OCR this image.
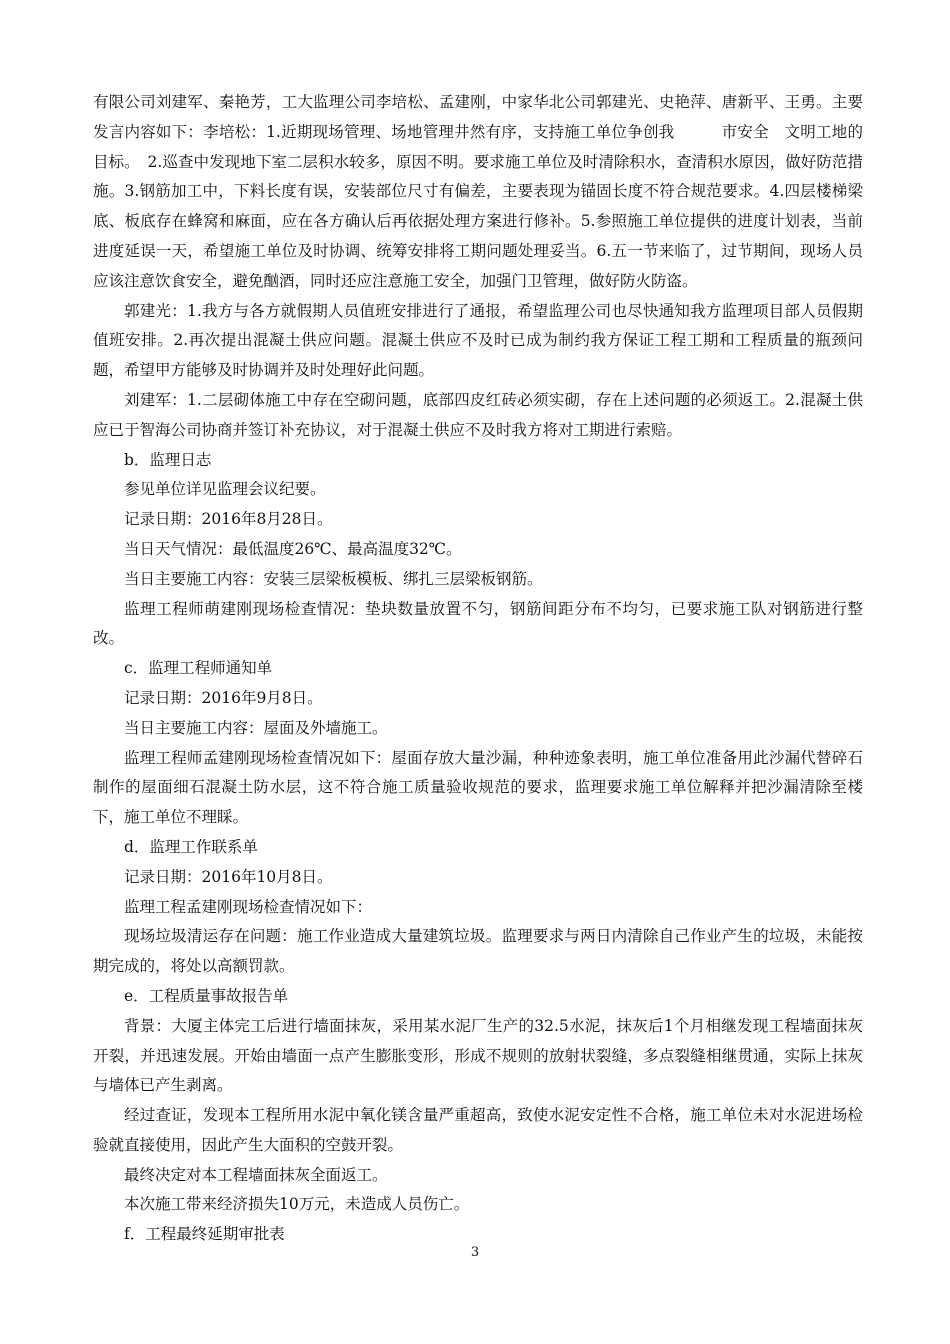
有限公司刘建军、秦艳芳，工大监理公司李培松、孟建刚，中家华北公司郭建光、史艳萍、唐新平、王勇。主要发言内容如下：李培松：1.近期现场管理、场地管理井然有序，支持施工单位争创我　　　市安全　文明工地的目标。　2.巡查中发现地下室二层积水较多，原因不明。要求施工单位及时清除积水，查清积水原因，做好防范措施。3.钢筋加工中，下料长度有误，安装部位尺寸有偏差，主要表现为锚固长度不符合规范要求。4.四层楼梯梁底、板底存在蜂窝和麻面，应在各方确认后再依据处理方案进行修补。5.参照施工单位提供的进度计划表，当前进度延误一天，希望施工单位及时协调、统筹安排将工期问题处理妥当。6.五一节来临了，过节期间，现场人员应该注意饮食安全，避免酗酒，同时还应注意施工安全，加强门卫管理，做好防火防盗。

郭建光：1.我方与各方就假期人员值班安排进行了通报，希望监理公司也尽快通知我方监理项目部人员假期值班安排。2.再次提出混凝土供应问题。混凝土供应不及时已成为制约我方保证工程工期和工程质量的瓶颈问题，希望甲方能够及时协调并及时处理好此问题。

刘建军：1.二层砌体施工中存在空砌问题，底部四皮红砖必须实砌，存在上述问题的必须返工。2.混凝土供应已于智海公司协商并签订补充协议，对于混凝土供应不及时我方将对工期进行索赔。

b．监理日志

参见单位详见监理会议纪要。

记录日期：2016年8月28日。

当日天气情况：最低温度26℃、最高温度32℃。

当日主要施工内容：安装三层梁板模板、绑扎三层梁板钢筋。

监理工程师萌建刚现场检查情况：垫块数量放置不匀，钢筋间距分布不均匀，已要求施工队对钢筋进行整改。

c．监理工程师通知单

记录日期：2016年9月8日。

当日主要施工内容：屋面及外墙施工。

监理工程师孟建刚现场检查情况如下：屋面存放大量沙漏，种种迹象表明，施工单位准备用此沙漏代替碎石制作的屋面细石混凝土防水层，这不符合施工质量验收规范的要求，监理要求施工单位解释并把沙漏清除至楼下，施工单位不理睬。

d．监理工作联系单

记录日期：2016年10月8日。

监理工程孟建刚现场检查情况如下：

现场垃圾清运存在问题：施工作业造成大量建筑垃圾。监理要求与两日内清除自己作业产生的垃圾，未能按期完成的，将处以高额罚款。

e．工程质量事故报告单

背景：大厦主体完工后进行墙面抹灰，采用某水泥厂生产的32.5水泥，抹灰后1个月相继发现工程墙面抹灰开裂，并迅速发展。开始由墙面一点产生膨胀变形，形成不规则的放射状裂缝，多点裂缝相继贯通，实际上抹灰与墙体已产生剥离。

经过查证，发现本工程所用水泥中氧化镁含量严重超高，致使水泥安定性不合格，施工单位未对水泥进场检验就直接使用，因此产生大面积的空鼓开裂。

最终决定对本工程墙面抹灰全面返工。

本次施工带来经济损失10万元，未造成人员伤亡。

f．工程最终延期审批表

3
